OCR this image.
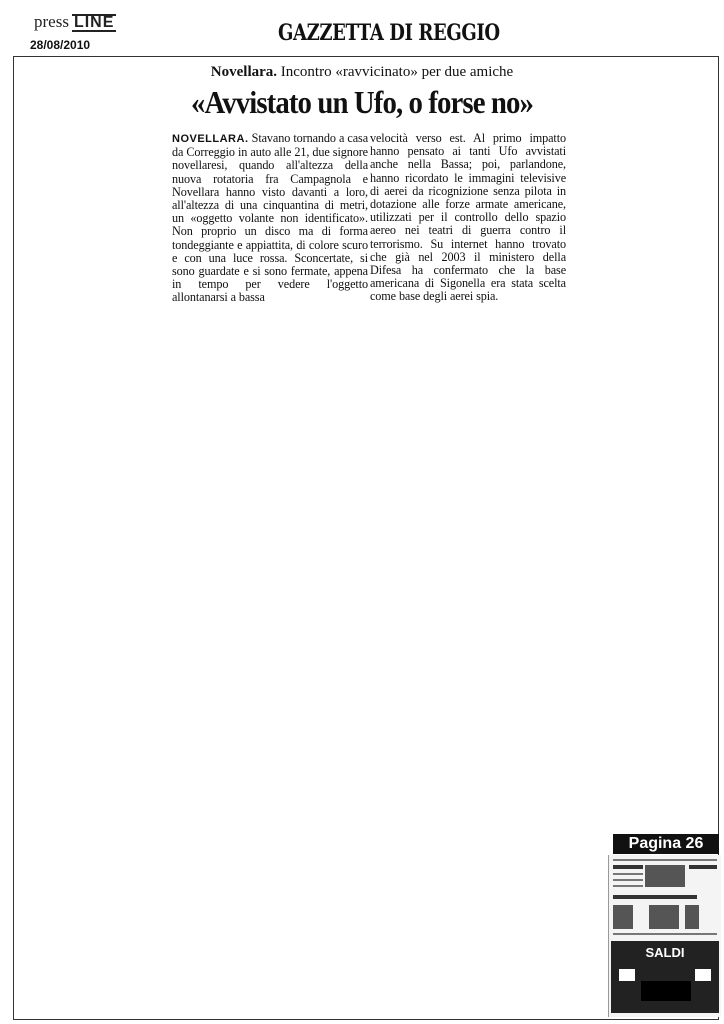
press LINE
28/08/2010	GAZZETTA DI REGGIO
Novellara. Incontro «ravvicinato» per due amiche
«Avvistato un Ufo, o forse no»
NOVELLARA. Stavano tornando a casa da Correggio in auto alle 21, due signore novellaresi, quando all'altezza della nuova rotatoria fra Campagnola e Novellara hanno visto davanti a loro, all'altezza di una cinquantina di metri, un «oggetto volante non identificato». Non proprio un disco ma di forma tondeggiante e appiattita, di colore scuro e con una luce rossa. Sconcertate, si sono guardate e si sono fermate, appena in tempo per vedere l'oggetto allontanarsi a bassa
velocità verso est. Al primo impatto hanno pensato ai tanti Ufo avvistati anche nella Bassa; poi, parlandone, hanno ricordato le immagini televisive di aerei da ricognizione senza pilota in dotazione alle forze armate americane, utilizzati per il controllo dello spazio aereo nei teatri di guerra contro il terrorismo. Su internet hanno trovato che già nel 2003 il ministero della Difesa ha confermato che la base americana di Sigonella era stata scelta come base degli aerei spia.
Pagina 26
SALDI
